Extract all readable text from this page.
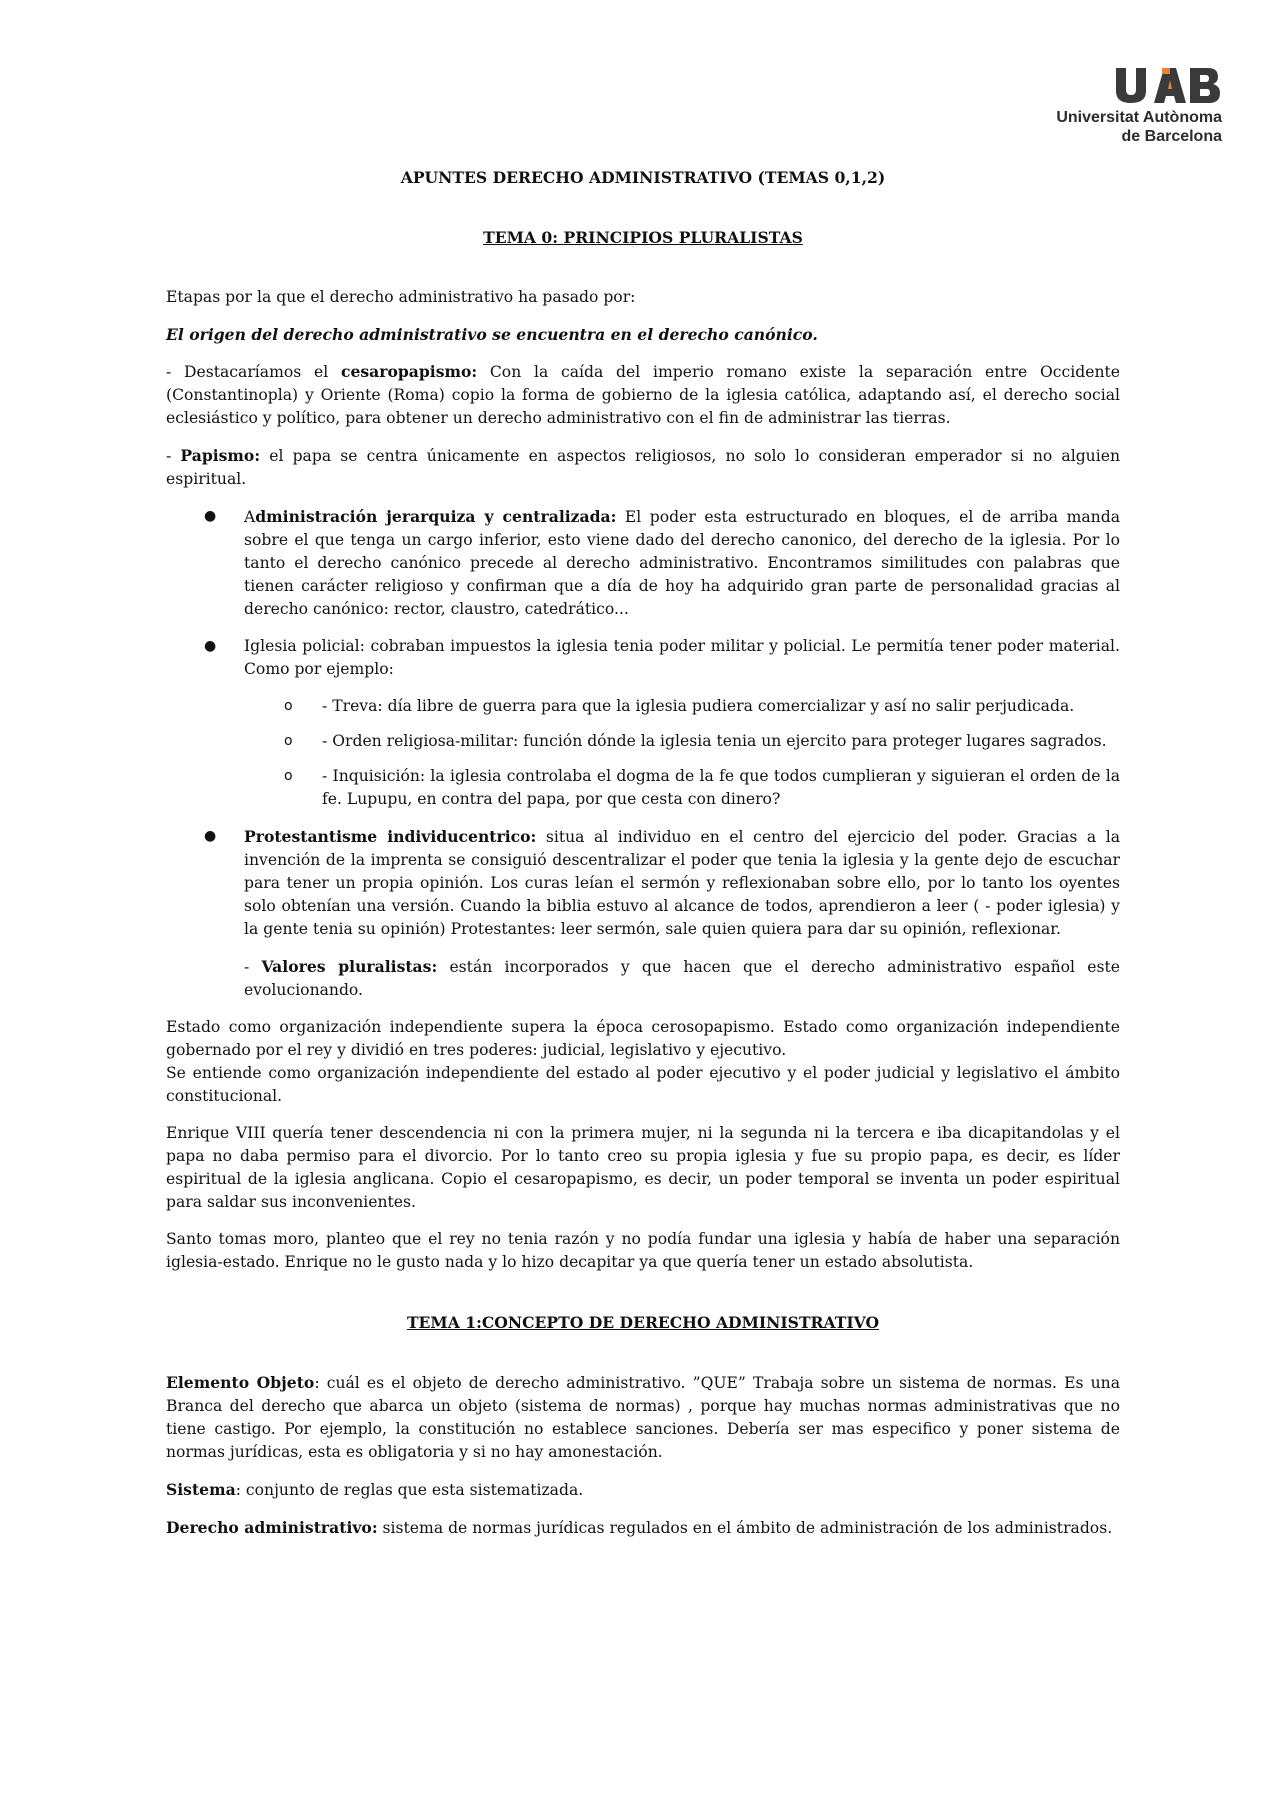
Universitat Autònoma
de Barcelona

APUNTES DERECHO ADMINISTRATIVO (TEMAS 0,1,2)

TEMA 0: PRINCIPIOS PLURALISTAS

Etapas por la que el derecho administrativo ha pasado por:

El origen del derecho administrativo se encuentra en el derecho canónico.

- Destacaríamos el cesaropapismo: Con la caída del imperio romano existe la separación entre Occidente (Constantinopla) y Oriente (Roma) copio la forma de gobierno de la iglesia católica, adaptando así, el derecho social eclesiástico y político, para obtener un derecho administrativo con el fin de administrar las tierras.

- Papismo: el papa se centra únicamente en aspectos religiosos, no solo lo consideran emperador si no alguien espiritual.

● Administración jerarquiza y centralizada: El poder esta estructurado en bloques, el de arriba manda sobre el que tenga un cargo inferior, esto viene dado del derecho canonico, del derecho de la iglesia. Por lo tanto el derecho canónico precede al derecho administrativo. Encontramos similitudes con palabras que tienen carácter religioso y confirman que a día de hoy ha adquirido gran parte de personalidad gracias al derecho canónico: rector, claustro, catedrático...
● Iglesia policial: cobraban impuestos la iglesia tenia poder militar y policial. Le permitía tener poder material. Como por ejemplo:
o - Treva: día libre de guerra para que la iglesia pudiera comercializar y así no salir perjudicada.
o - Orden religiosa-militar: función dónde la iglesia tenia un ejercito para proteger lugares sagrados.
o - Inquisición: la iglesia controlaba el dogma de la fe que todos cumplieran y siguieran el orden de la fe. Lupupu, en contra del papa, por que cesta con dinero?
● Protestantisme individucentrico: situa al individuo en el centro del ejercicio del poder. Gracias a la invención de la imprenta se consiguió descentralizar el poder que tenia la iglesia y la gente dejo de escuchar para tener un propia opinión. Los curas leían el sermón y reflexionaban sobre ello, por lo tanto los oyentes solo obtenían una versión. Cuando la biblia estuvo al alcance de todos, aprendieron a leer ( - poder iglesia) y la gente tenia su opinión) Protestantes: leer sermón, sale quien quiera para dar su opinión, reflexionar.

- Valores pluralistas: están incorporados y que hacen que el derecho administrativo español este evolucionando.

Estado como organización independiente supera la época cerosopapismo. Estado como organización independiente gobernado por el rey y dividió en tres poderes: judicial, legislativo y ejecutivo.
Se entiende como organización independiente del estado al poder ejecutivo y el poder judicial y legislativo el ámbito constitucional.

Enrique VIII quería tener descendencia ni con la primera mujer, ni la segunda ni la tercera e iba dicapitandolas y el papa no daba permiso para el divorcio. Por lo tanto creo su propia iglesia y fue su propio papa, es decir, es líder espiritual de la iglesia anglicana. Copio el cesaropapismo, es decir, un poder temporal se inventa un poder espiritual para saldar sus inconvenientes.

Santo tomas moro, planteo que el rey no tenia razón y no podía fundar una iglesia y había de haber una separación iglesia-estado. Enrique no le gusto nada y lo hizo decapitar ya que quería tener un estado absolutista.

TEMA 1:CONCEPTO DE DERECHO ADMINISTRATIVO

Elemento Objeto: cuál es el objeto de derecho administrativo. ”QUE” Trabaja sobre un sistema de normas. Es una Branca del derecho que abarca un objeto (sistema de normas) , porque hay muchas normas administrativas que no tiene castigo. Por ejemplo, la constitución no establece sanciones. Debería ser mas especifico y poner sistema de normas jurídicas, esta es obligatoria y si no hay amonestación.

Sistema: conjunto de reglas que esta sistematizada.

Derecho administrativo: sistema de normas jurídicas regulados en el ámbito de administración de los administrados.
